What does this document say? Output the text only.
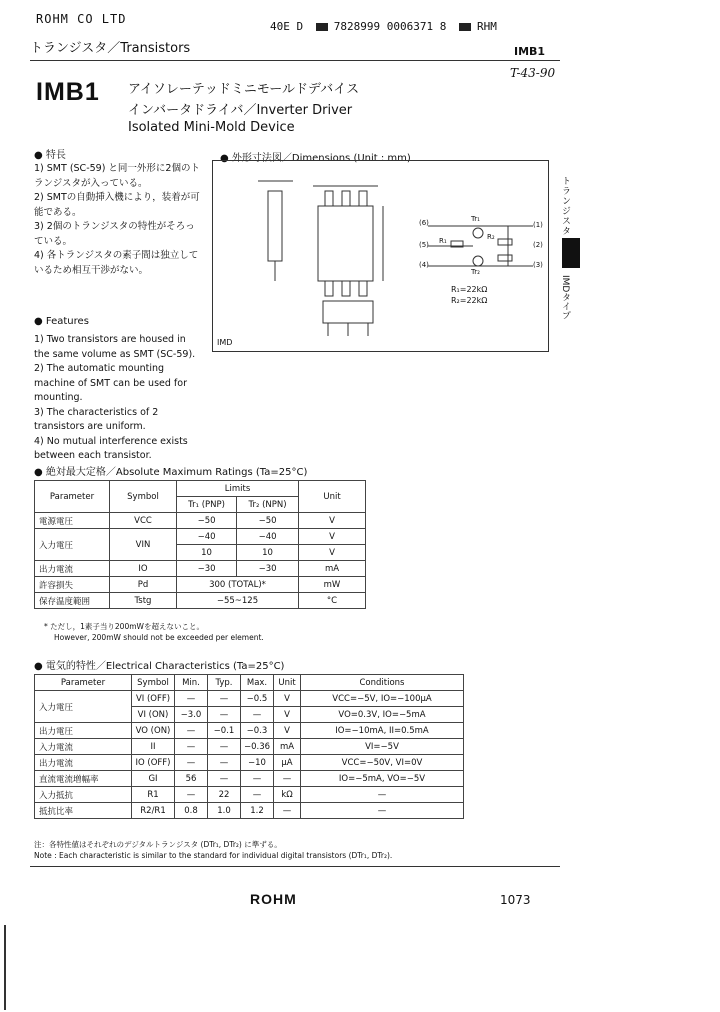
ROHM CO LTD
40E D	7828999 0006371 8	RHM
トランジスタ／Transistors	IMB1
T-43-90
IMB1 アイソレーテッドミニモールドデバイス
インバータドライバ／Inverter Driver
Isolated Mini-Mold Device
● 特長

1) SMT (SC-59) と同一外形に2個のトランジスタが入っている。

2) SMTの自動挿入機により，装着が可能である。

3) 2個のトランジスタの特性がそろっている。

4) 各トランジスタの素子間は独立しているため相互干渉がない。

● Features

1) Two transistors are housed in the same volume as SMT (SC-59).

2) The automatic mounting machine of SMT can be used for mounting.

3) The characteristics of 2 transistors are uniform.

4) No mutual interference exists between each transistor.

● 外形寸法図／Dimensions (Unit : mm)
(6)
(5)
(4)
(1)
(2)
(3)
Tr₁
Tr₂
R₁	R₂
R₁=22kΩ
R₂=22kΩ
IMD
トランジスタ
IMDタイプ
● 絶対最大定格／Absolute Maximum Ratings (Ta=25°C)
Parameter	Symbol	Limits		Unit
		Tr₁ (PNP)	Tr₂ (NPN)	
電源電圧	VCC	−50	−50	V
入力電圧	VIN	−40	−40	V
		10	10	V
出力電流	IO	−30	−30	mA
許容損失	Pd	300 (TOTAL)*		mW
保存温度範囲	Tstg	−55~125		°C
* ただし，1素子当り200mWを超えないこと。
However, 200mW should not be exceeded per element.
● 電気的特性／Electrical Characteristics (Ta=25°C)
Parameter	Symbol	Min.	Typ.	Max.	Unit	Conditions
入力電圧	VI (OFF)	—	—	−0.5	V	VCC=−5V, IO=−100μA
	VI (ON)	−3.0	—	—	V	VO=0.3V, IO=−5mA
出力電圧	VO (ON)	—	−0.1	−0.3	V	IO=−10mA, II=0.5mA
入力電流	II	—	—	−0.36	mA	VI=−5V
出力電流	IO (OFF)	—	—	−10	μA	VCC=−50V, VI=0V
直流電流増幅率	GI	56	—	—	—	IO=−5mA, VO=−5V
入力抵抗	R1	—	22	—	kΩ	—
抵抗比率	R2/R1	0.8	1.0	1.2	—	—
注：各特性値はそれぞれのデジタルトランジスタ (DTr₁, DTr₂) に準ずる。
Note : Each characteristic is similar to the standard for individual digital transistors (DTr₁, DTr₂).
ROHM	1073
